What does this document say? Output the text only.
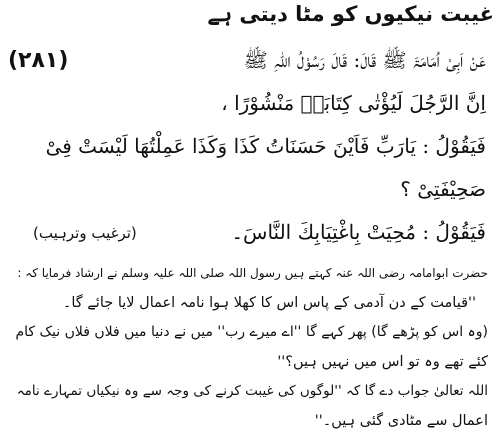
غیبت نیکیوں کو مٹا دیتی ہے
(۲۸۱)	عَنْ اَبِیْ اُمَامَۃَ ﷺ قَالَ: قَالَ رَسُوْلُ اللّٰہِ ﷺ
اِنَّ الرَّجُلَ لَیُؤْتٰی کِتَابَہٗ مَنْشُوْرًا ،
فَیَقُوْلُ : یَارَبِّ فَاَیْنَ حَسَنَاتُ کَذَا وَکَذَا عَمِلْتُھَا لَیْسَتْ فِیْ
صَحِیْفَتِیْ ؟
فَیَقُوْلُ : مُحِیَتْ بِاغْتِیَابِكَ النَّاسَ۔
(ترغیب وترہیب)
حضرت ابوامامہ رضی اللہ عنہ کہتے ہیں رسول اللہ صلی اللہ علیہ وسلم نے ارشاد فرمایا کہ :
''قیامت کے دن آدمی کے پاس اس کا کھلا ہوا نامہ اعمال لایا جائے گا۔
(وہ اس کو پڑھے گا) پھر کہے گا ''اے میرے رب'' میں نے دنیا میں فلاں فلاں نیک کام
کئے تھے وہ تو اس میں نہیں ہیں؟''
اللہ تعالیٰ جواب دے گا کہ ''لوگوں کی غیبت کرنے کی وجہ سے وہ نیکیاں تمہارے نامہ
اعمال سے مٹادی گئی ہیں۔''
